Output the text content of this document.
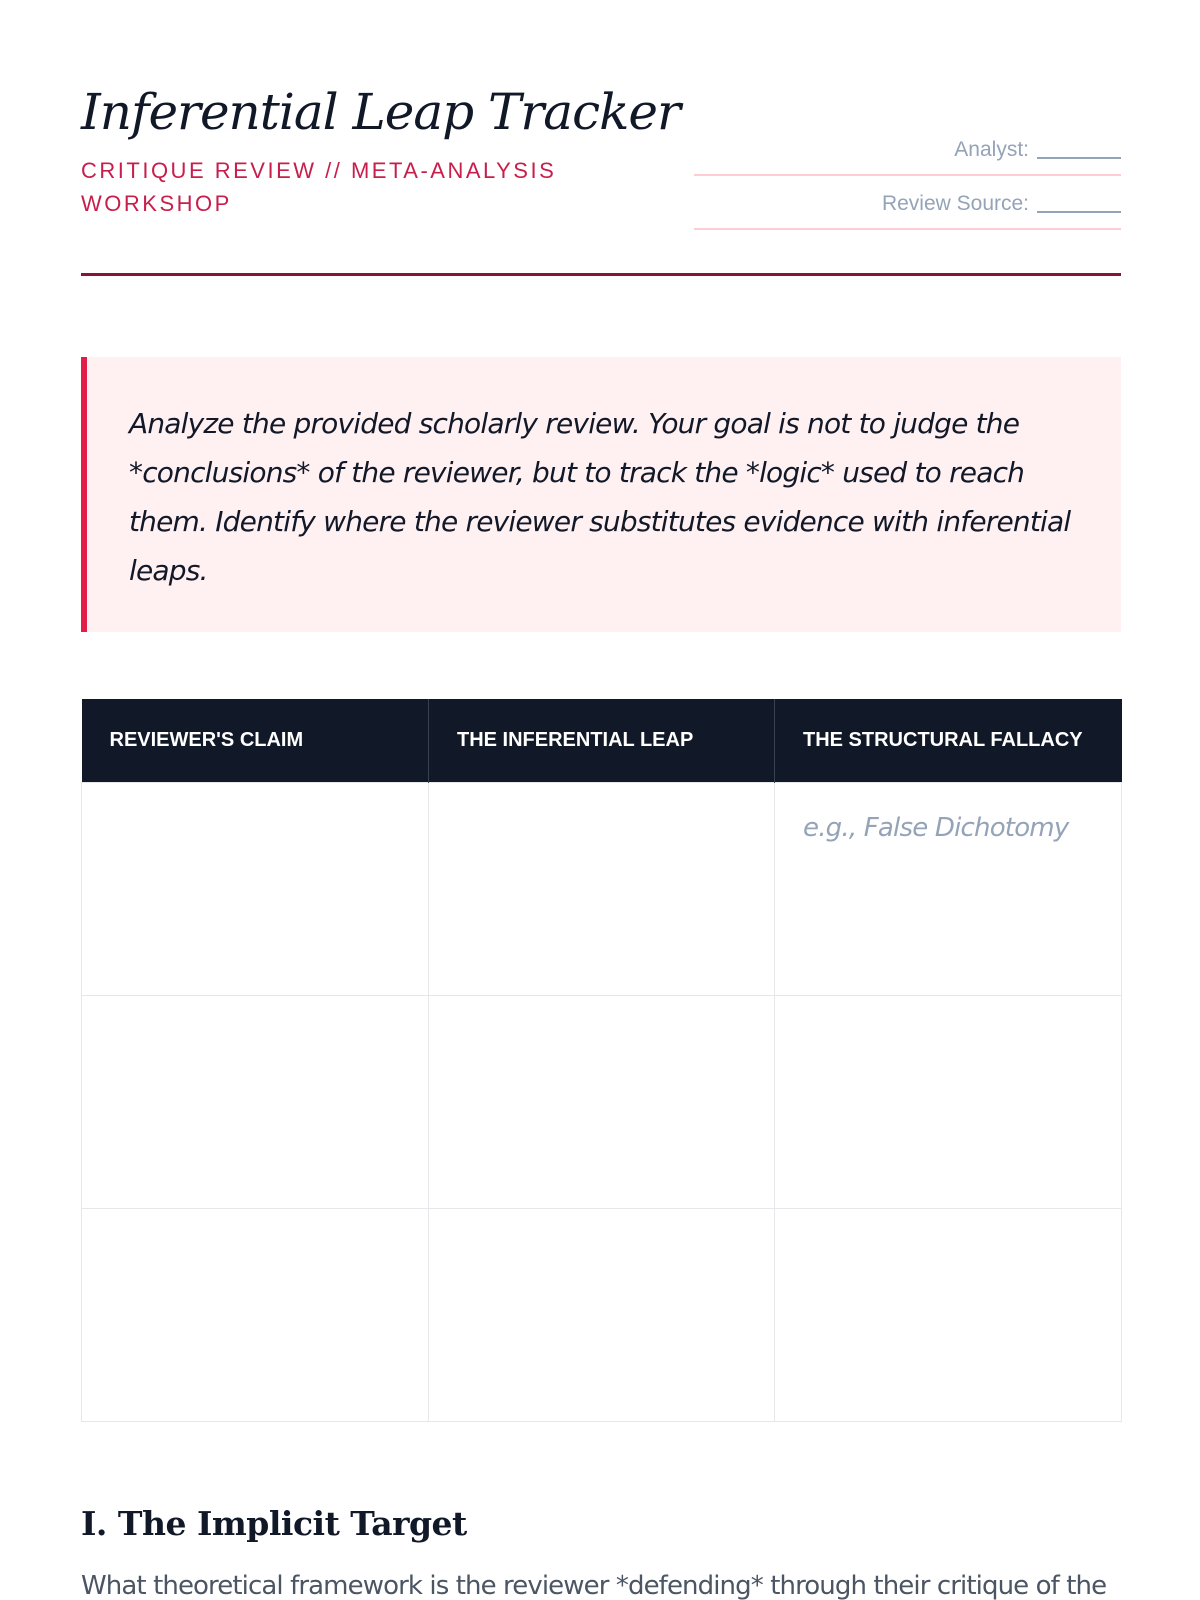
Inferential Leap Tracker
CRITIQUE REVIEW // META-ANALYSIS WORKSHOP
Analyst:
Review Source:

Analyze the provided scholarly review. Your goal is not to judge the *conclusions* of the reviewer, but to track the *logic* used to reach them. Identify where the reviewer substitutes evidence with inferential leaps.

REVIEWER'S CLAIM	THE INFERENTIAL LEAP	THE STRUCTURAL FALLACY
		e.g., False Dichotomy

I. The Implicit Target

What theoretical framework is the reviewer *defending* through their critique of the
